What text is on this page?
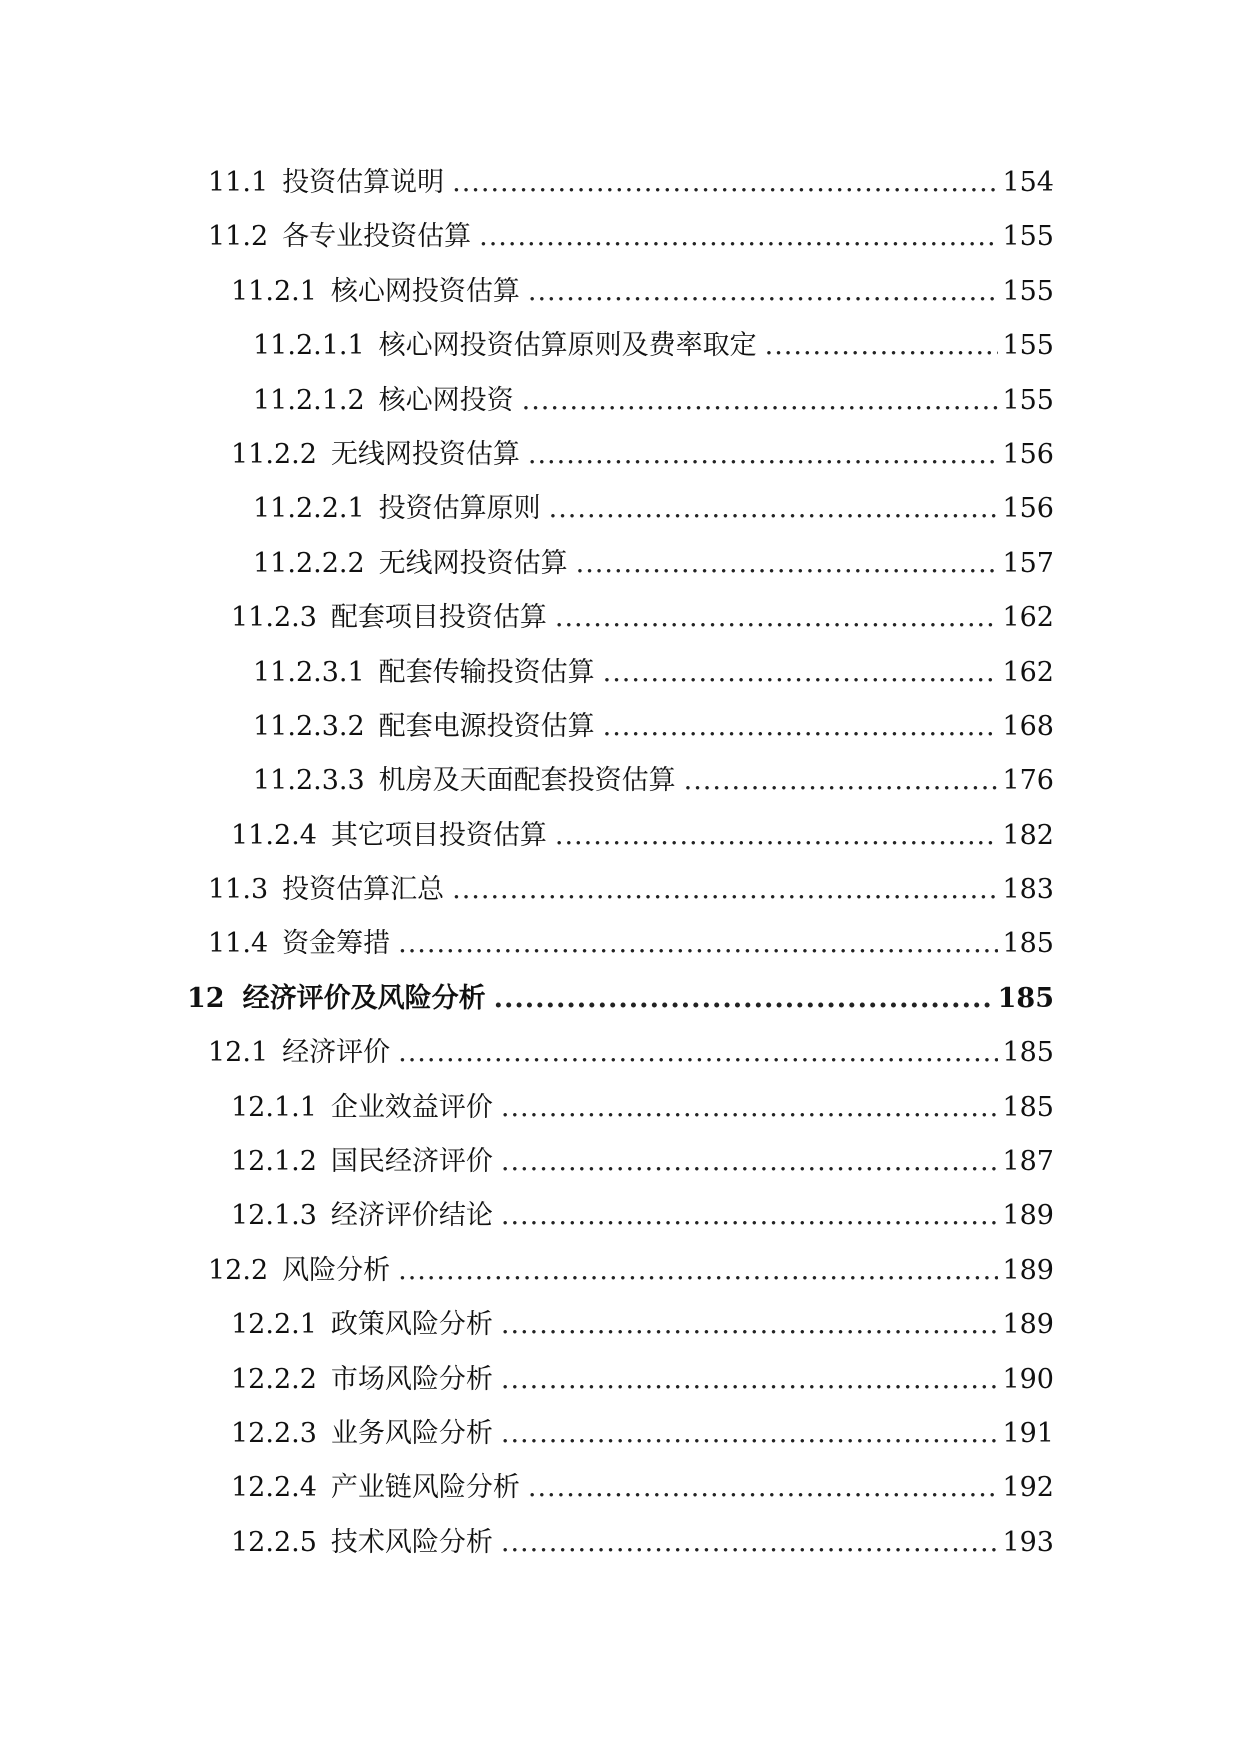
11.1 投资估算说明 .....	154
11.2 各专业投资估算 .....	155
11.2.1 核心网投资估算 .....	155
11.2.1.1 核心网投资估算原则及费率取定 .....	155
11.2.1.2 核心网投资 .....	155
11.2.2 无线网投资估算 .....	156
11.2.2.1 投资估算原则 .....	156
11.2.2.2 无线网投资估算 .....	157
11.2.3 配套项目投资估算 .....	162
11.2.3.1 配套传输投资估算 .....	162
11.2.3.2 配套电源投资估算 .....	168
11.2.3.3 机房及天面配套投资估算 .....	176
11.2.4 其它项目投资估算 .....	182
11.3 投资估算汇总 .....	183
11.4 资金筹措 .....	185
12 经济评价及风险分析 .....	185
12.1 经济评价 .....	185
12.1.1 企业效益评价 .....	185
12.1.2 国民经济评价 .....	187
12.1.3 经济评价结论 .....	189
12.2 风险分析 .....	189
12.2.1 政策风险分析 .....	189
12.2.2 市场风险分析 .....	190
12.2.3 业务风险分析 .....	191
12.2.4 产业链风险分析 .....	192
12.2.5 技术风险分析 .....	193
